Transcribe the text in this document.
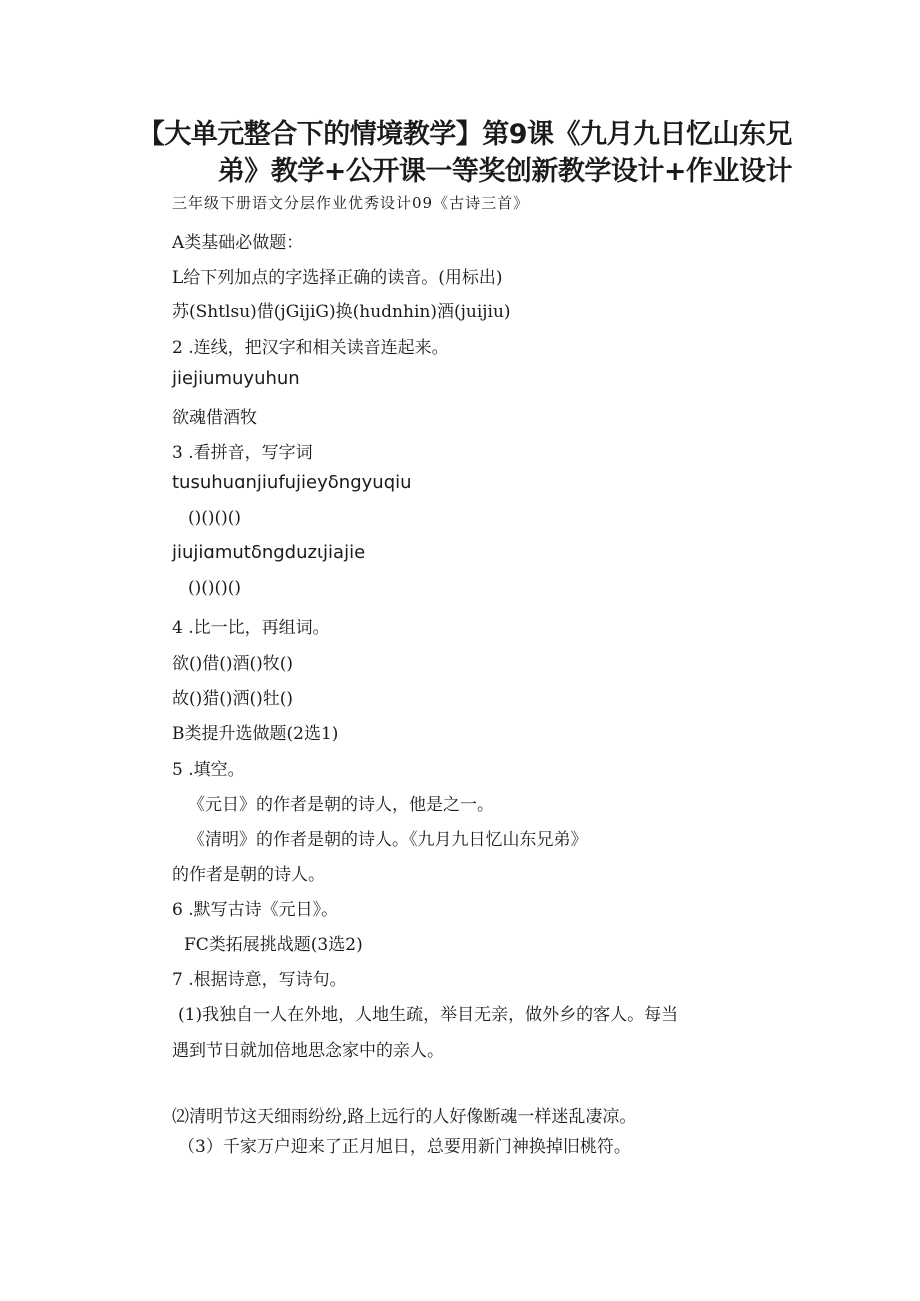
【大单元整合下的情境教学】第9课《九月九日忆山东兄
弟》教学+公开课一等奖创新教学设计+作业设计
三年级下册语文分层作业优秀设计09《古诗三首》
A类基础必做题：
L给下列加点的字选择正确的读音。(用标出)
苏(Shtlsu)借(jGijiG)换(hudnhin)酒(juijiu)
2 .连线，把汉字和相关读音连起来。
jiejiumuyuhun
欲魂借酒牧
3 .看拼音，写字词
tusuhuɑnjiufujieyδngyuqiu
()()()()
jiujiɑmutδngduzιjiajie
()()()()
4 .比一比，再组词。
欲()借()酒()牧()
故()猎()洒()牡()
B类提升选做题(2选1)
5 .填空。
《元日》的作者是朝的诗人，他是之一。
《清明》的作者是朝的诗人。《九月九日忆山东兄弟》
的作者是朝的诗人。
6 .默写古诗《元日》。
FC类拓展挑战题(3选2)
7 .根据诗意，写诗句。
(1)我独自一人在外地，人地生疏，举目无亲，做外乡的客人。每当
遇到节日就加倍地思念家中的亲人。
⑵清明节这天细雨纷纷,路上远行的人好像断魂一样迷乱凄凉。
（3）千家万户迎来了正月旭日，总要用新门神换掉旧桃符。
